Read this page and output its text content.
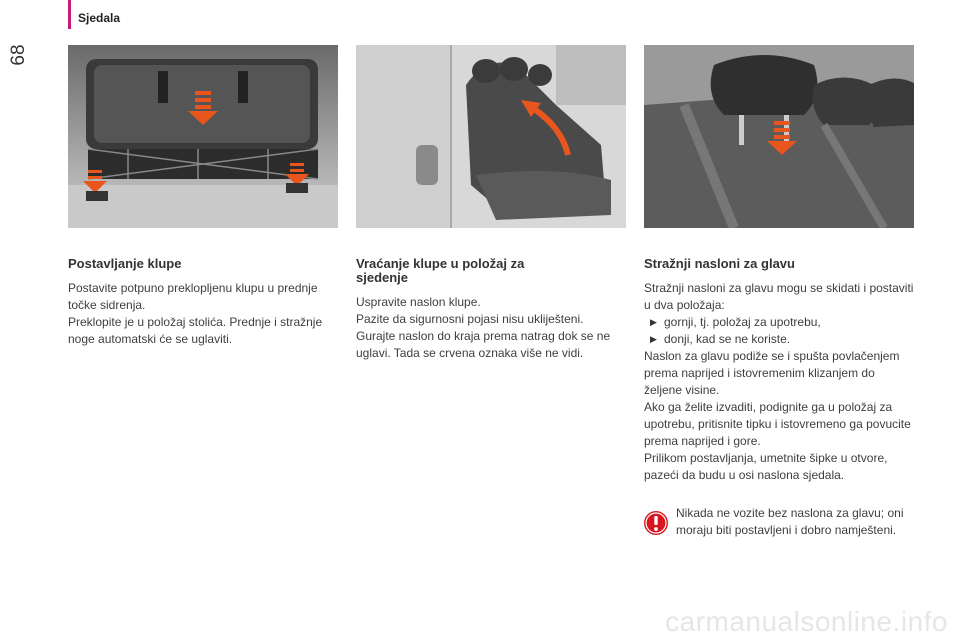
68
Sjedala
Postavljanje klupe

Postavite potpuno preklopljenu klupu u prednje točke sidrenja.

Preklopite je u položaj stolića. Prednje i stražnje noge automatski će se uglaviti.

Vraćanje klupe u položaj za sjedenje

Uspravite naslon klupe.

Pazite da sigurnosni pojasi nisu ukliješteni.

Gurajte naslon do kraja prema natrag dok se ne uglavi. Tada se crvena oznaka više ne vidi.

Stražnji nasloni za glavu

Stražnji nasloni za glavu mogu se skidati i postaviti u dva položaja:

▶ gornji, tj. položaj za upotrebu,
▶ donji, kad se ne koriste.

Naslon za glavu podiže se i spušta povlačenjem prema naprijed i istovremenim klizanjem do željene visine.

Ako ga želite izvaditi, podignite ga u položaj za upotrebu, pritisnite tipku i istovremeno ga povucite prema naprijed i gore.

Prilikom postavljanja, umetnite šipke u otvore, pazeći da budu u osi naslona sjedala.

Nikada ne vozite bez naslona za glavu; oni moraju biti postavljeni i dobro namješteni.

carmanualsonline.info
